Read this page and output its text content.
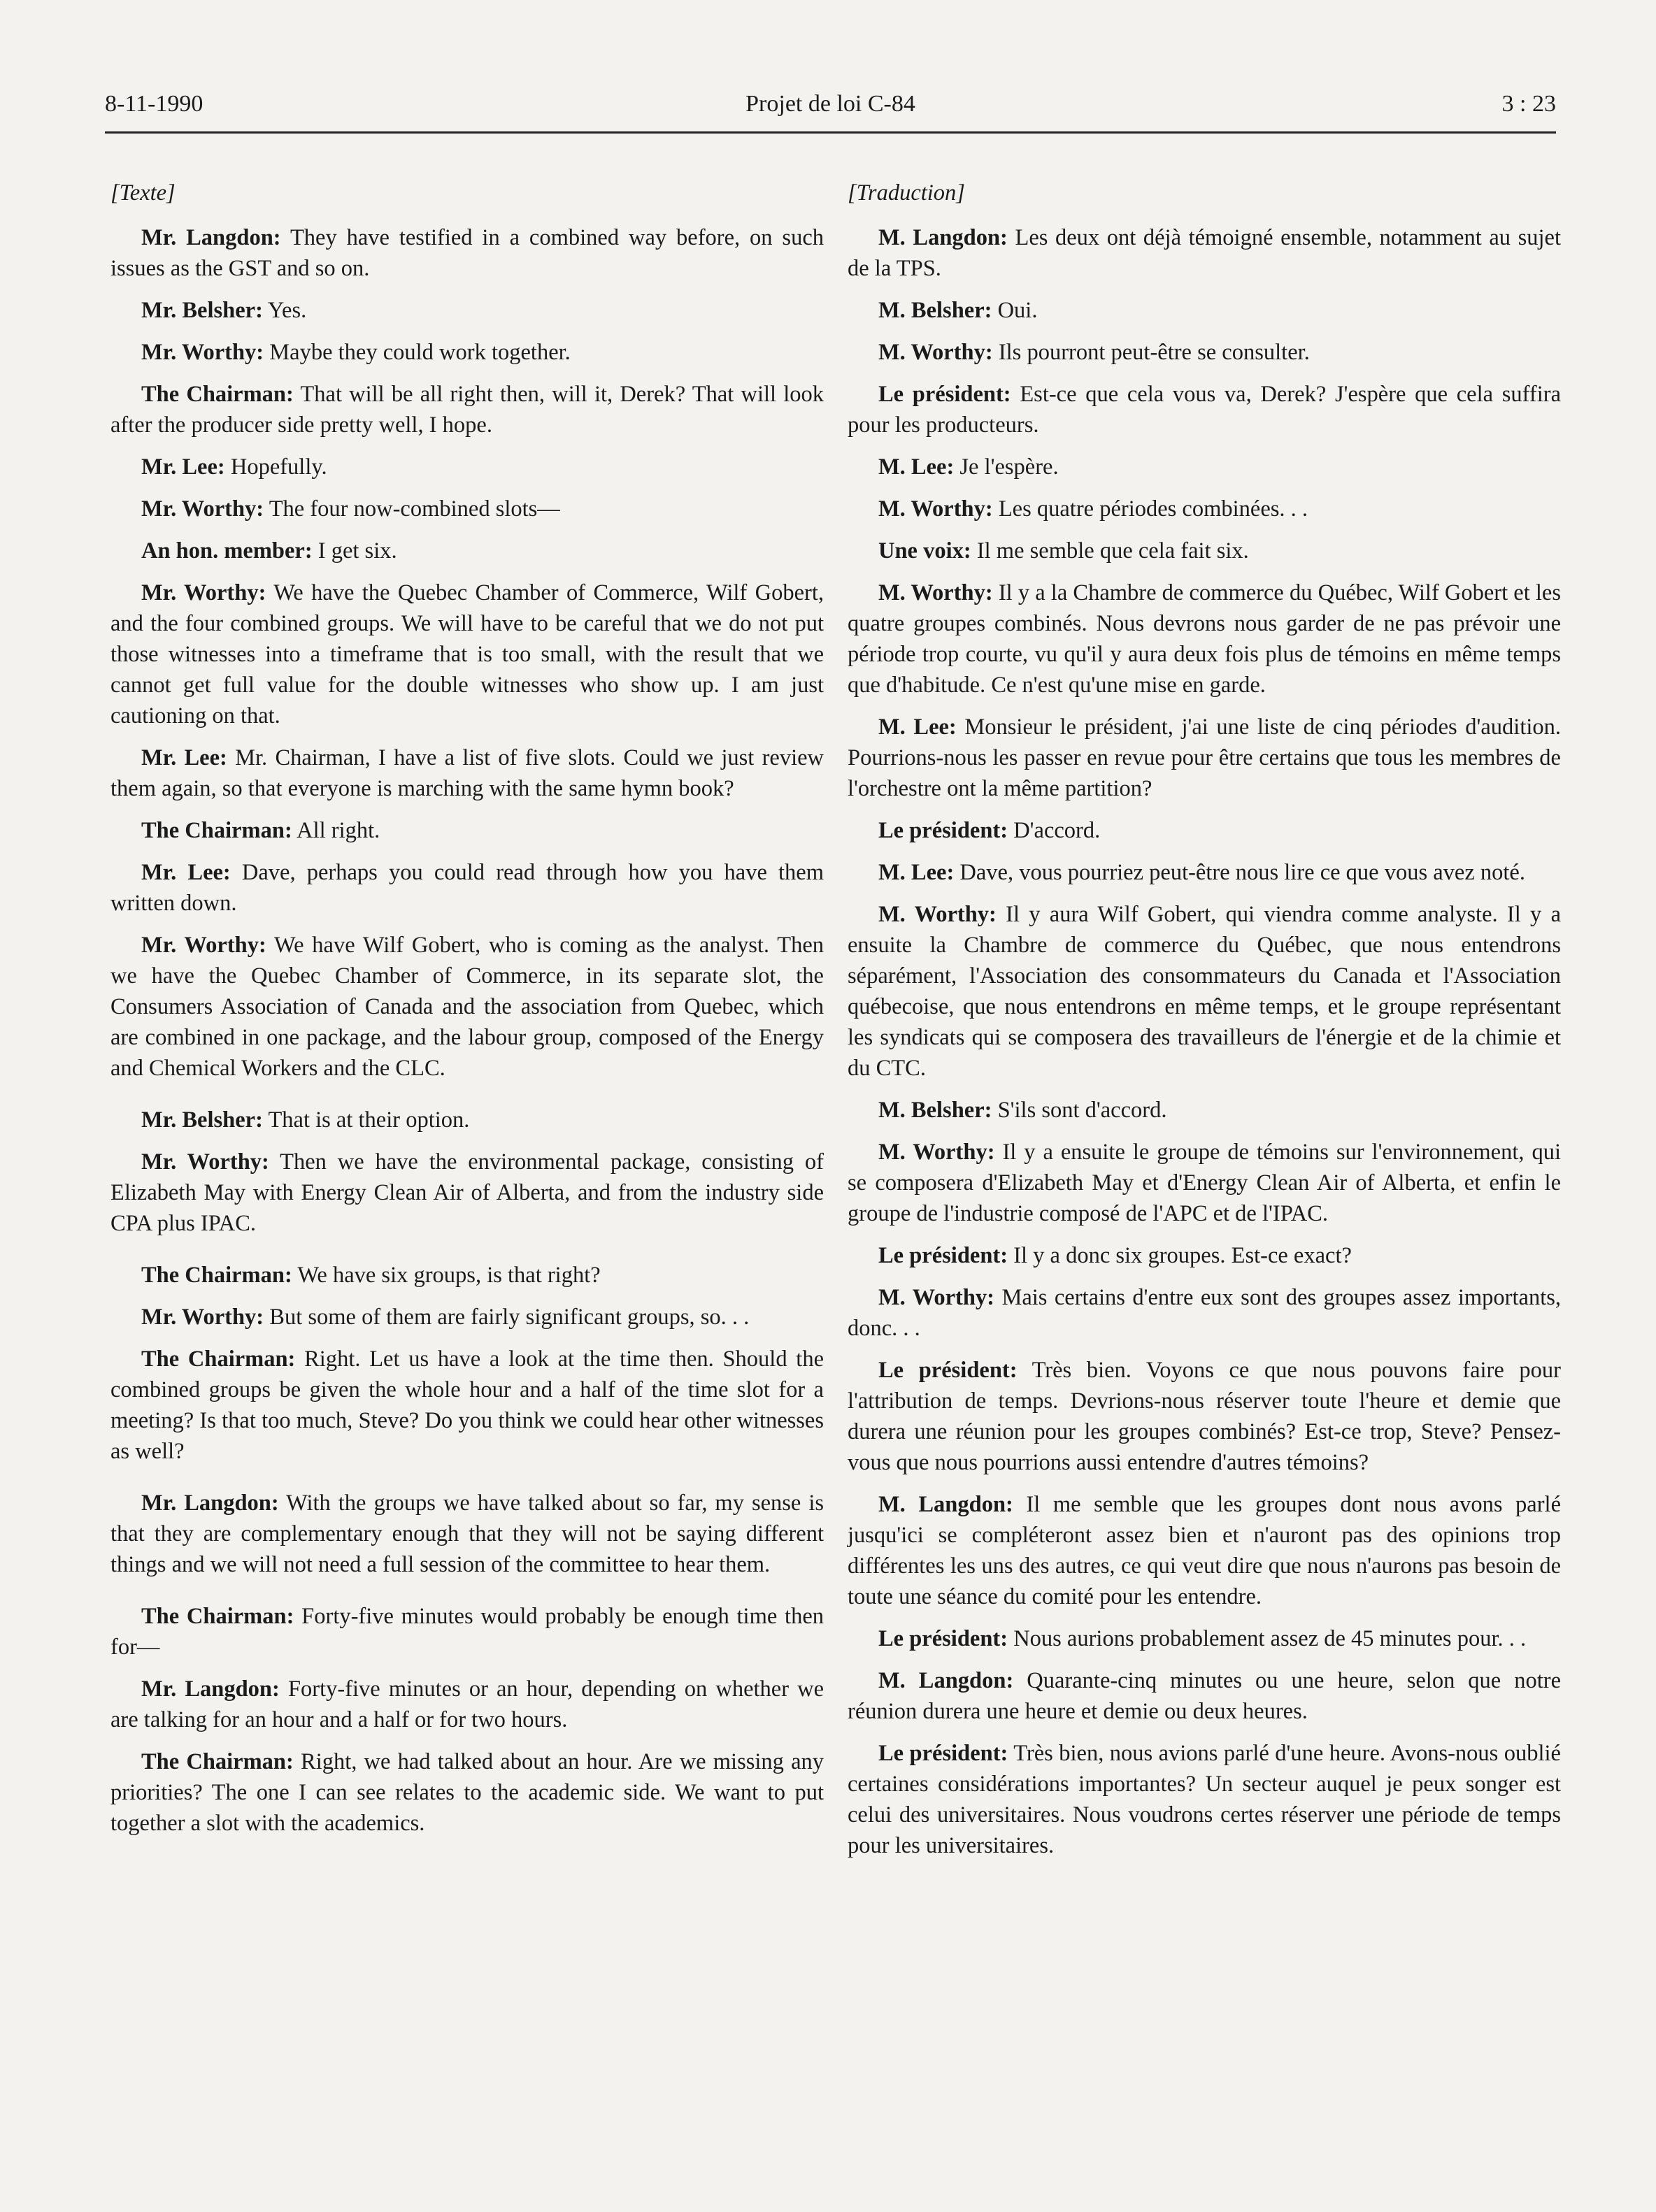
8-11-1990	Projet de loi C-84	3 : 23
[Texte]

Mr. Langdon: They have testified in a combined way before, on such issues as the GST and so on.

Mr. Belsher: Yes.

Mr. Worthy: Maybe they could work together.

The Chairman: That will be all right then, will it, Derek? That will look after the producer side pretty well, I hope.

Mr. Lee: Hopefully.

Mr. Worthy: The four now-combined slots—

An hon. member: I get six.

Mr. Worthy: We have the Quebec Chamber of Commerce, Wilf Gobert, and the four combined groups. We will have to be careful that we do not put those witnesses into a timeframe that is too small, with the result that we cannot get full value for the double witnesses who show up. I am just cautioning on that.

Mr. Lee: Mr. Chairman, I have a list of five slots. Could we just review them again, so that everyone is marching with the same hymn book?

The Chairman: All right.

Mr. Lee: Dave, perhaps you could read through how you have them written down.

Mr. Worthy: We have Wilf Gobert, who is coming as the analyst. Then we have the Quebec Chamber of Commerce, in its separate slot, the Consumers Association of Canada and the association from Quebec, which are combined in one package, and the labour group, composed of the Energy and Chemical Workers and the CLC.

Mr. Belsher: That is at their option.

Mr. Worthy: Then we have the environmental package, consisting of Elizabeth May with Energy Clean Air of Alberta, and from the industry side CPA plus IPAC.

The Chairman: We have six groups, is that right?

Mr. Worthy: But some of them are fairly significant groups, so. . .

The Chairman: Right. Let us have a look at the time then. Should the combined groups be given the whole hour and a half of the time slot for a meeting? Is that too much, Steve? Do you think we could hear other witnesses as well?

Mr. Langdon: With the groups we have talked about so far, my sense is that they are complementary enough that they will not be saying different things and we will not need a full session of the committee to hear them.

The Chairman: Forty-five minutes would probably be enough time then for—

Mr. Langdon: Forty-five minutes or an hour, depending on whether we are talking for an hour and a half or for two hours.

The Chairman: Right, we had talked about an hour. Are we missing any priorities? The one I can see relates to the academic side. We want to put together a slot with the academics.

[Traduction]

M. Langdon: Les deux ont déjà témoigné ensemble, notamment au sujet de la TPS.

M. Belsher: Oui.

M. Worthy: Ils pourront peut-être se consulter.

Le président: Est-ce que cela vous va, Derek? J'espère que cela suffira pour les producteurs.

M. Lee: Je l'espère.

M. Worthy: Les quatre périodes combinées. . .

Une voix: Il me semble que cela fait six.

M. Worthy: Il y a la Chambre de commerce du Québec, Wilf Gobert et les quatre groupes combinés. Nous devrons nous garder de ne pas prévoir une période trop courte, vu qu'il y aura deux fois plus de témoins en même temps que d'habitude. Ce n'est qu'une mise en garde.

M. Lee: Monsieur le président, j'ai une liste de cinq périodes d'audition. Pourrions-nous les passer en revue pour être certains que tous les membres de l'orchestre ont la même partition?

Le président: D'accord.

M. Lee: Dave, vous pourriez peut-être nous lire ce que vous avez noté.

M. Worthy: Il y aura Wilf Gobert, qui viendra comme analyste. Il y a ensuite la Chambre de commerce du Québec, que nous entendrons séparément, l'Association des consommateurs du Canada et l'Association québecoise, que nous entendrons en même temps, et le groupe représentant les syndicats qui se composera des travailleurs de l'énergie et de la chimie et du CTC.

M. Belsher: S'ils sont d'accord.

M. Worthy: Il y a ensuite le groupe de témoins sur l'environnement, qui se composera d'Elizabeth May et d'Energy Clean Air of Alberta, et enfin le groupe de l'industrie composé de l'APC et de l'IPAC.

Le président: Il y a donc six groupes. Est-ce exact?

M. Worthy: Mais certains d'entre eux sont des groupes assez importants, donc. . .

Le président: Très bien. Voyons ce que nous pouvons faire pour l'attribution de temps. Devrions-nous réserver toute l'heure et demie que durera une réunion pour les groupes combinés? Est-ce trop, Steve? Pensez-vous que nous pourrions aussi entendre d'autres témoins?

M. Langdon: Il me semble que les groupes dont nous avons parlé jusqu'ici se compléteront assez bien et n'auront pas des opinions trop différentes les uns des autres, ce qui veut dire que nous n'aurons pas besoin de toute une séance du comité pour les entendre.

Le président: Nous aurions probablement assez de 45 minutes pour. . .

M. Langdon: Quarante-cinq minutes ou une heure, selon que notre réunion durera une heure et demie ou deux heures.

Le président: Très bien, nous avions parlé d'une heure. Avons-nous oublié certaines considérations importantes? Un secteur auquel je peux songer est celui des universitaires. Nous voudrons certes réserver une période de temps pour les universitaires.
